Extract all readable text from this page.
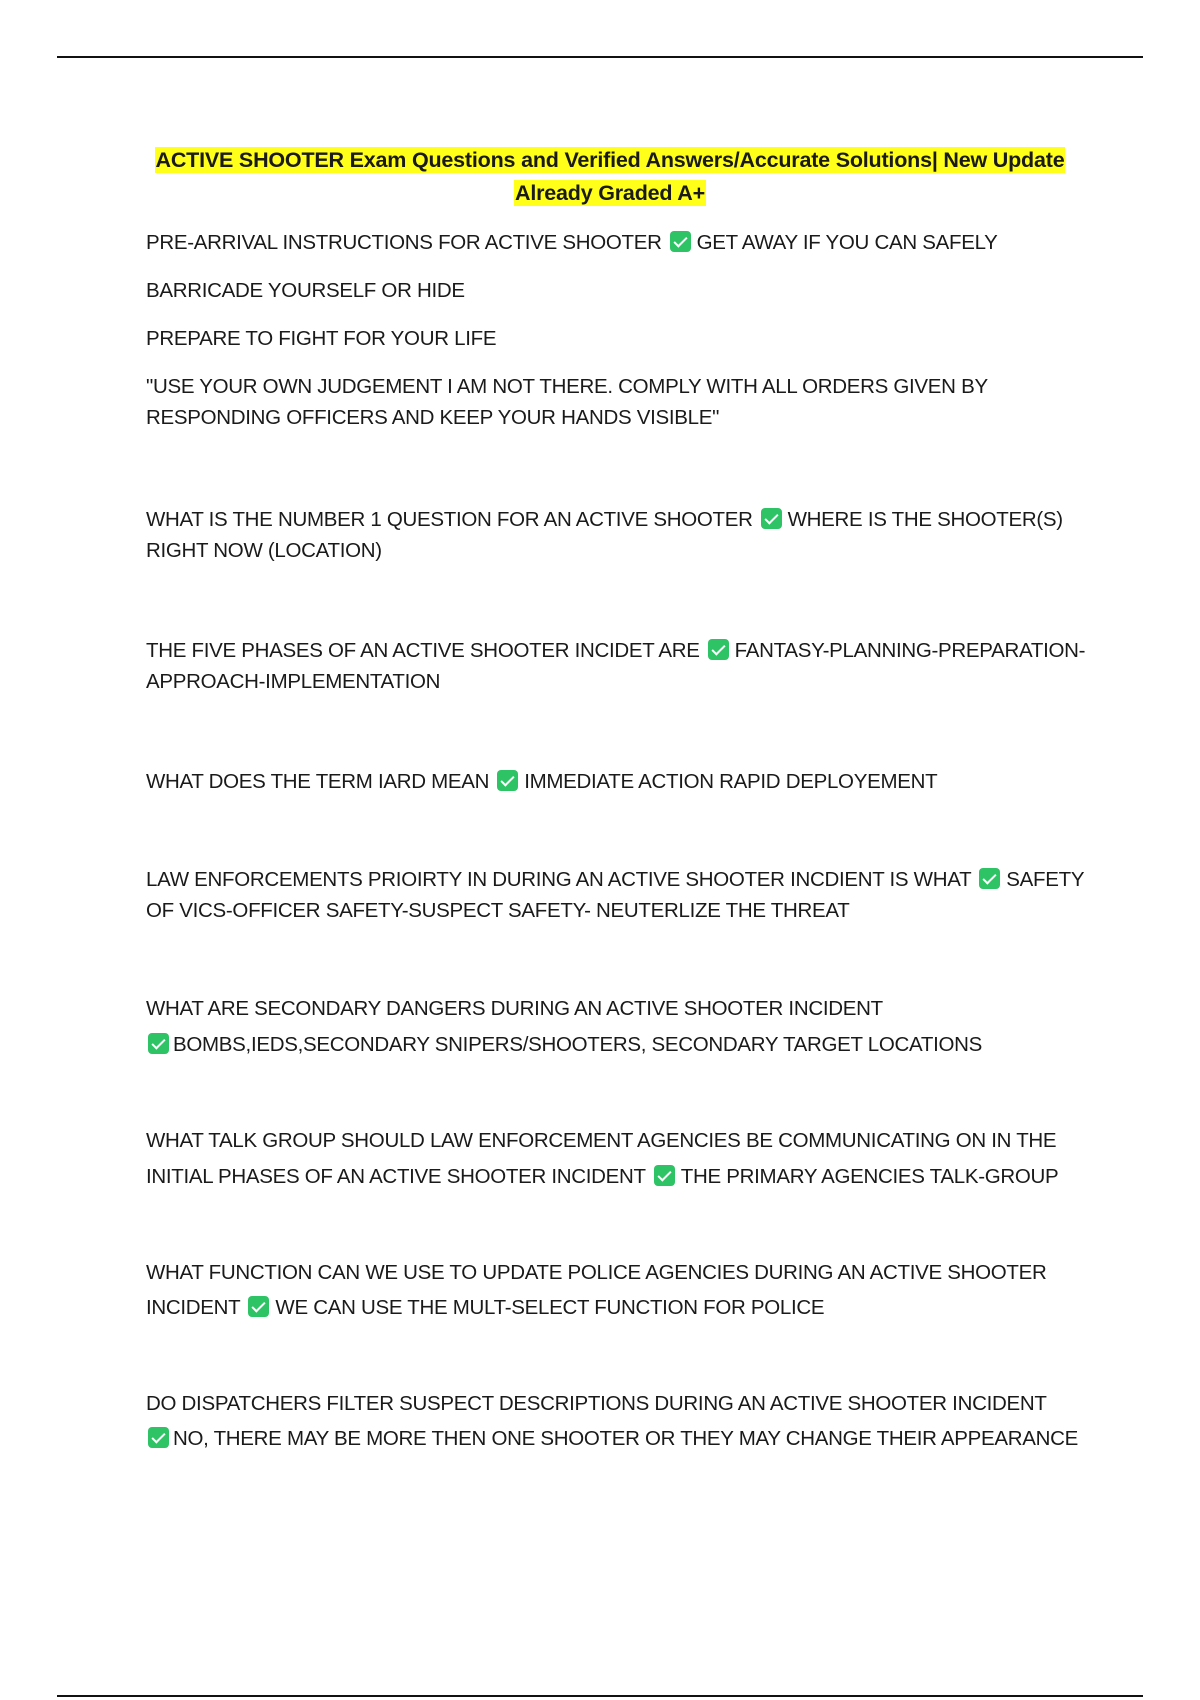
ACTIVE SHOOTER Exam Questions and Verified Answers/Accurate Solutions| New Update
Already Graded A+
PRE-ARRIVAL INSTRUCTIONS FOR ACTIVE SHOOTER GET AWAY IF YOU CAN SAFELY
BARRICADE YOURSELF OR HIDE
PREPARE TO FIGHT FOR YOUR LIFE
"USE YOUR OWN JUDGEMENT I AM NOT THERE. COMPLY WITH ALL ORDERS GIVEN BY RESPONDING OFFICERS AND KEEP YOUR HANDS VISIBLE"
WHAT IS THE NUMBER 1 QUESTION FOR AN ACTIVE SHOOTER WHERE IS THE SHOOTER(S) RIGHT NOW (LOCATION)
THE FIVE PHASES OF AN ACTIVE SHOOTER INCIDET ARE FANTASY-PLANNING-PREPARATION-APPROACH-IMPLEMENTATION
WHAT DOES THE TERM IARD MEAN IMMEDIATE ACTION RAPID DEPLOYEMENT
LAW ENFORCEMENTS PRIOIRTY IN DURING AN ACTIVE SHOOTER INCDIENT IS WHAT SAFETY OF VICS-OFFICER SAFETY-SUSPECT SAFETY- NEUTERLIZE THE THREAT
WHAT ARE SECONDARY DANGERS DURING AN ACTIVE SHOOTER INCIDENT
BOMBS,IEDS,SECONDARY SNIPERS/SHOOTERS, SECONDARY TARGET LOCATIONS
WHAT TALK GROUP SHOULD LAW ENFORCEMENT AGENCIES BE COMMUNICATING ON IN THE INITIAL PHASES OF AN ACTIVE SHOOTER INCIDENT THE PRIMARY AGENCIES TALK-GROUP
WHAT FUNCTION CAN WE USE TO UPDATE POLICE AGENCIES DURING AN ACTIVE SHOOTER INCIDENT WE CAN USE THE MULT-SELECT FUNCTION FOR POLICE
DO DISPATCHERS FILTER SUSPECT DESCRIPTIONS DURING AN ACTIVE SHOOTER INCIDENT
NO, THERE MAY BE MORE THEN ONE SHOOTER OR THEY MAY CHANGE THEIR APPEARANCE
